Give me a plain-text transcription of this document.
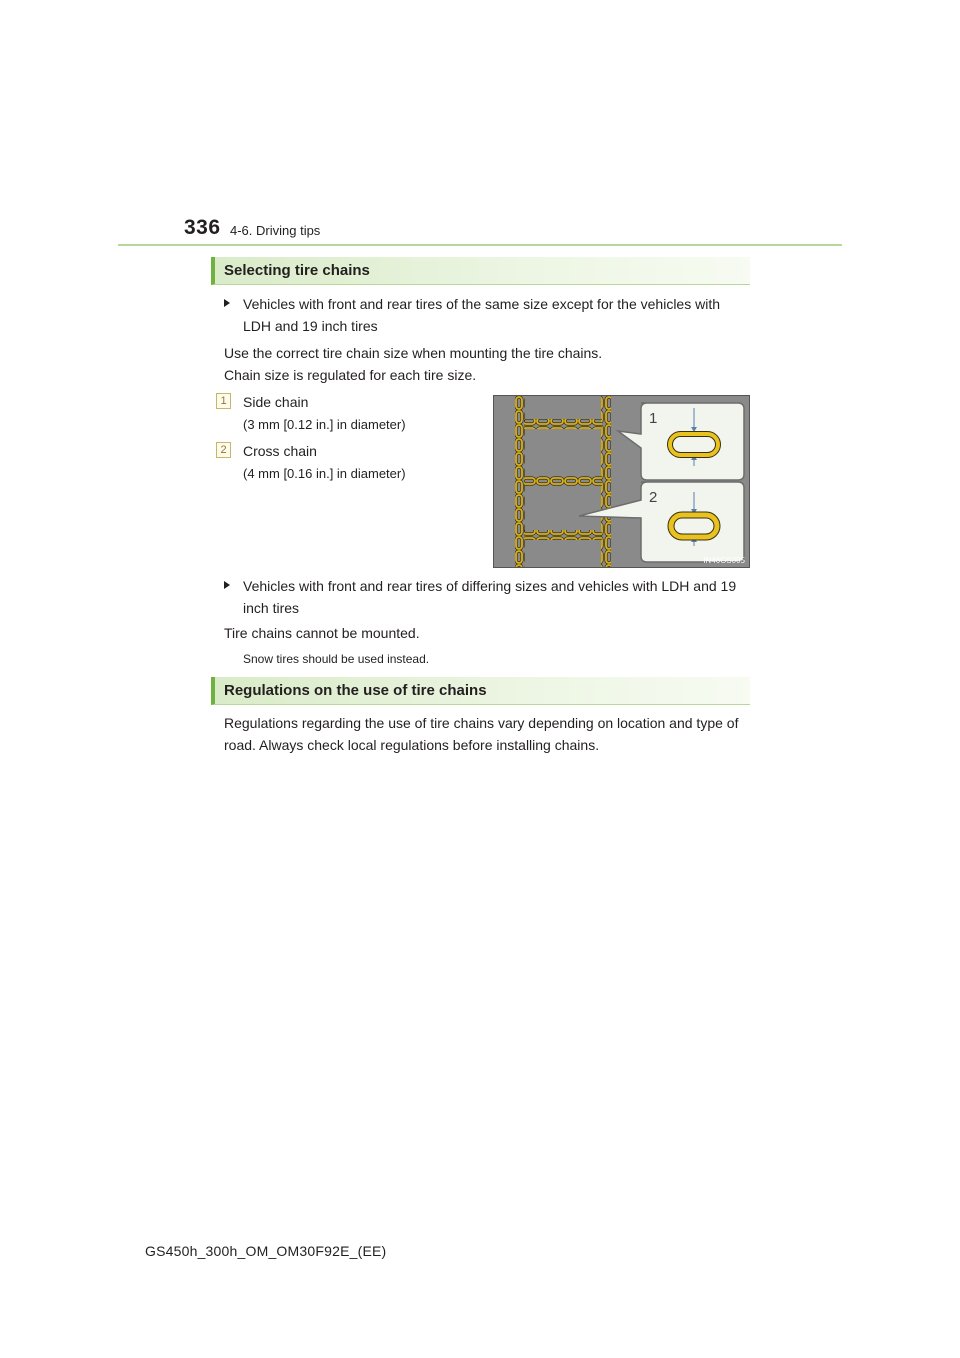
336 4-6. Driving tips
Selecting tire chains
Vehicles with front and rear tires of the same size except for the vehicles with LDH and 19 inch tires
Use the correct tire chain size when mounting the tire chains.
Chain size is regulated for each tire size.
1	Side chain
(3 mm [0.12 in.] in diameter)
2	Cross chain
(4 mm [0.16 in.] in diameter)
1
2
IN46GS005
Vehicles with front and rear tires of differing sizes and vehicles with LDH and 19 inch tires
Tire chains cannot be mounted.
Snow tires should be used instead.
Regulations on the use of tire chains
Regulations regarding the use of tire chains vary depending on location and type of road. Always check local regulations before installing chains.
GS450h_300h_OM_OM30F92E_(EE)
